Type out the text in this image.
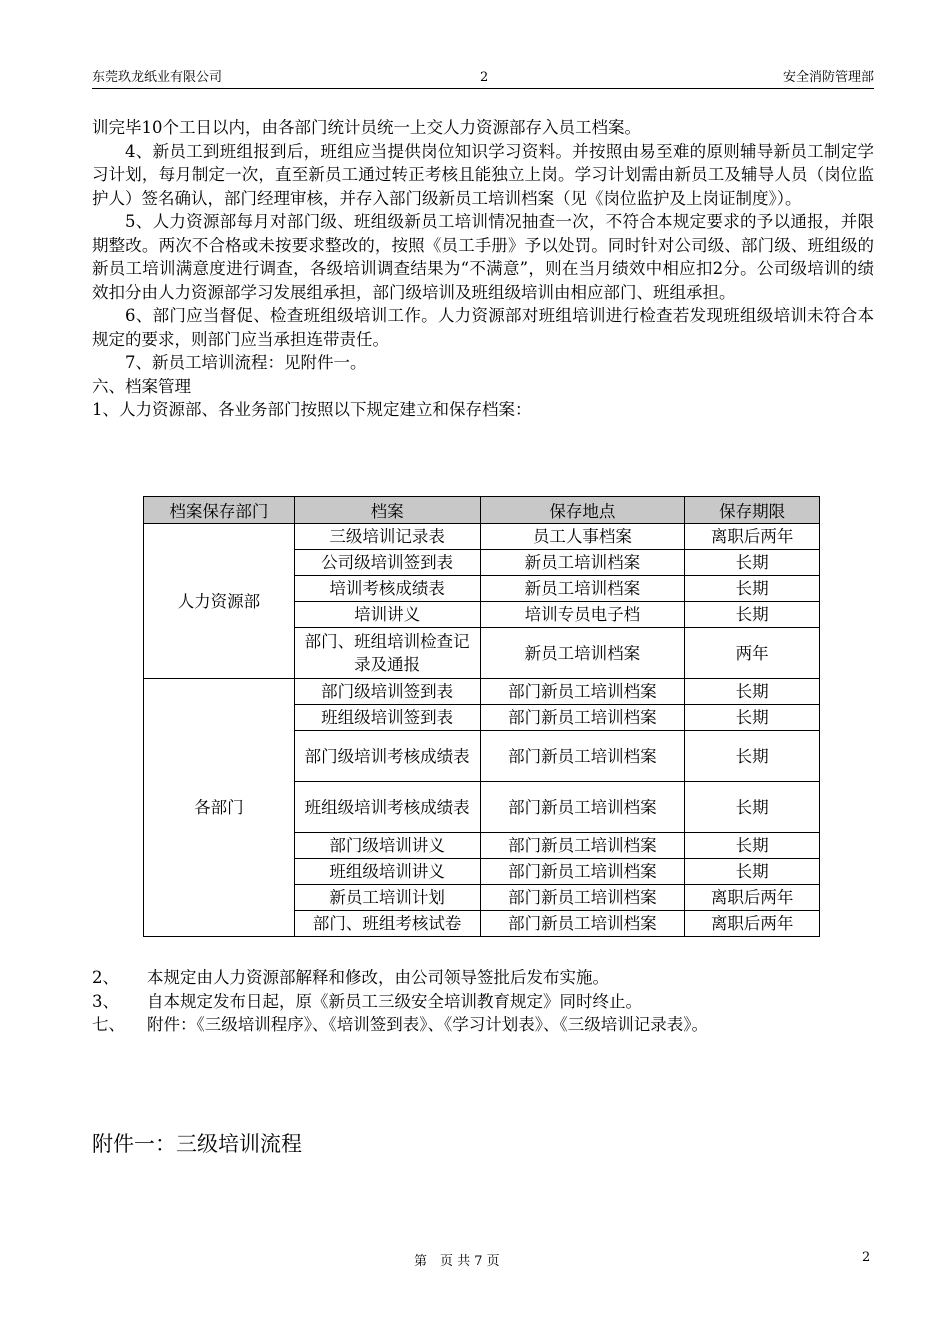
东莞玖龙纸业有限公司	2	安全消防管理部

训完毕10个工日以内，由各部门统计员统一上交人力资源部存入员工档案。

4、新员工到班组报到后，班组应当提供岗位知识学习资料。并按照由易至难的原则辅导新员工制定学习计划，每月制定一次，直至新员工通过转正考核且能独立上岗。学习计划需由新员工及辅导人员（岗位监护人）签名确认，部门经理审核，并存入部门级新员工培训档案（见《岗位监护及上岗证制度》）。

5、人力资源部每月对部门级、班组级新员工培训情况抽查一次，不符合本规定要求的予以通报，并限期整改。两次不合格或未按要求整改的，按照《员工手册》予以处罚。同时针对公司级、部门级、班组级的新员工培训满意度进行调查，各级培训调查结果为“不满意”，则在当月绩效中相应扣2分。公司级培训的绩效扣分由人力资源部学习发展组承担，部门级培训及班组级培训由相应部门、班组承担。

6、部门应当督促、检查班组级培训工作。人力资源部对班组培训进行检查若发现班组级培训未符合本规定的要求，则部门应当承担连带责任。

7、新员工培训流程：见附件一。

六、档案管理

1、人力资源部、各业务部门按照以下规定建立和保存档案：

档案保存部门	档案	保存地点	保存期限
人力资源部	三级培训记录表	员工人事档案	离职后两年
	公司级培训签到表	新员工培训档案	长期
	培训考核成绩表	新员工培训档案	长期
	培训讲义	培训专员电子档	长期
	部门、班组培训检查记录及通报	新员工培训档案	两年
各部门	部门级培训签到表	部门新员工培训档案	长期
	班组级培训签到表	部门新员工培训档案	长期
	部门级培训考核成绩表	部门新员工培训档案	长期
	班组级培训考核成绩表	部门新员工培训档案	长期
	部门级培训讲义	部门新员工培训档案	长期
	班组级培训讲义	部门新员工培训档案	长期
	新员工培训计划	部门新员工培训档案	离职后两年
	部门、班组考核试卷	部门新员工培训档案	离职后两年
2、 本规定由人力资源部解释和修改，由公司领导签批后发布实施。
3、 自本规定发布日起，原《新员工三级安全培训教育规定》同时终止。
七、 附件：《三级培训程序》、《培训签到表》、《学习计划表》、《三级培训记录表》。
附件一：三级培训流程
第　页 共 7 页	2
